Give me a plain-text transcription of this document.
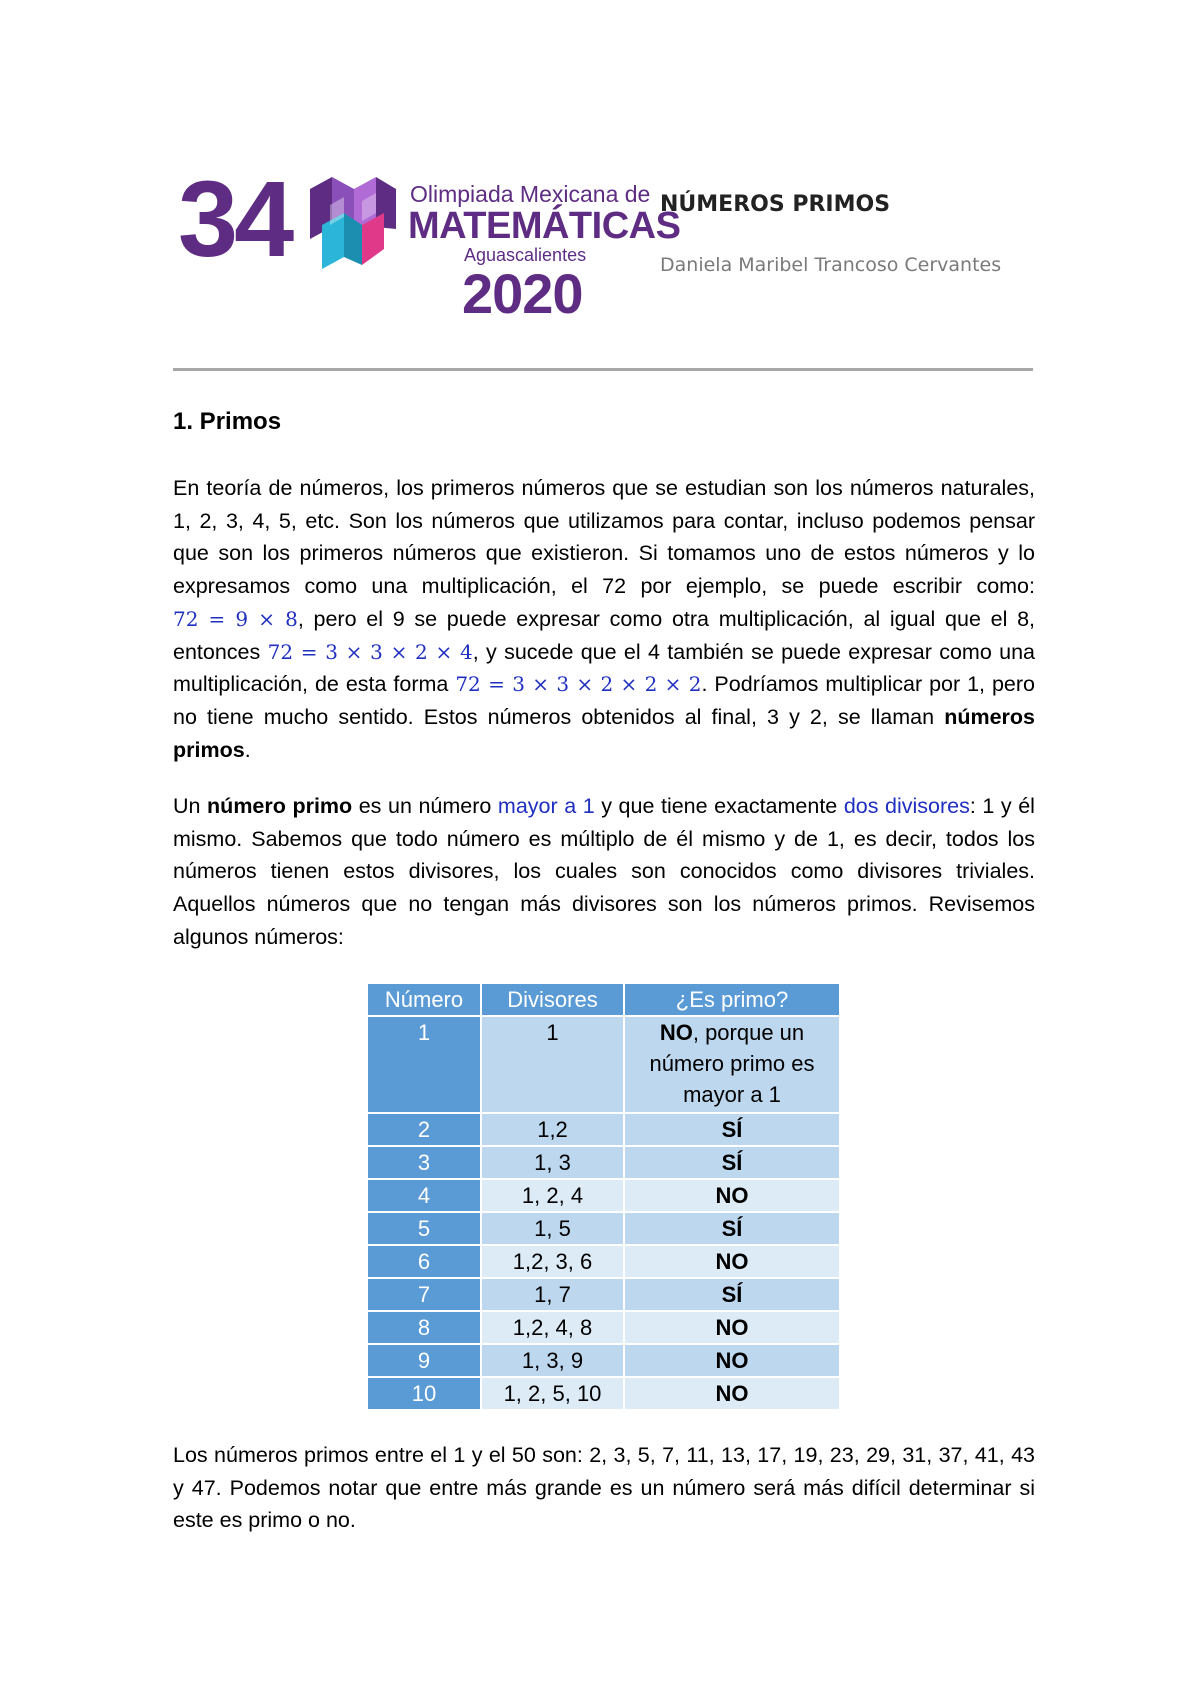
34	Olimpiada Mexicana de
MATEMÁTICAS
Aguascalientes
2020
NÚMEROS PRIMOS
Daniela Maribel Trancoso Cervantes
1. Primos
En teoría de números, los primeros números que se estudian son los números naturales, 1, 2, 3, 4, 5, etc. Son los números que utilizamos para contar, incluso podemos pensar que son los primeros números que existieron. Si tomamos uno de estos números y lo expresamos como una multiplicación, el 72 por ejemplo, se puede escribir como: 72 = 9 × 8, pero el 9 se puede expresar como otra multiplicación, al igual que el 8, entonces 72 = 3 × 3 × 2 × 4, y sucede que el 4 también se puede expresar como una multiplicación, de esta forma 72 = 3 × 3 × 2 × 2 × 2. Podríamos multiplicar por 1, pero no tiene mucho sentido. Estos números obtenidos al final, 3 y 2, se llaman números primos.
Un número primo es un número mayor a 1 y que tiene exactamente dos divisores: 1 y él mismo. Sabemos que todo número es múltiplo de él mismo y de 1, es decir, todos los números tienen estos divisores, los cuales son conocidos como divisores triviales. Aquellos números que no tengan más divisores son los números primos. Revisemos algunos números:
Número	Divisores	¿Es primo?
1	1	NO, porque un número primo es mayor a 1
2	1,2	SÍ
3	1, 3	SÍ
4	1, 2, 4	NO
5	1, 5	SÍ
6	1,2, 3, 6	NO
7	1, 7	SÍ
8	1,2, 4, 8	NO
9	1, 3, 9	NO
10	1, 2, 5, 10	NO
Los números primos entre el 1 y el 50 son: 2, 3, 5, 7, 11, 13, 17, 19, 23, 29, 31, 37, 41, 43 y 47. Podemos notar que entre más grande es un número será más difícil determinar si este es primo o no.
